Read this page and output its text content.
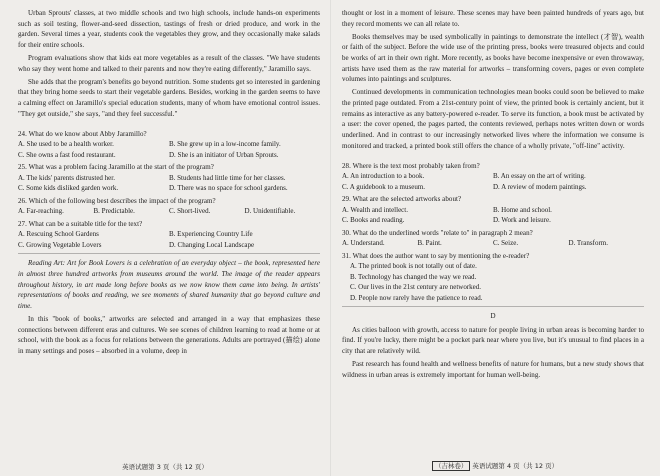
Urban Sprouts' classes, at two middle schools and two high schools, include hands-on experiments such as soil testing, flower-and-seed dissection, tastings of fresh or dried produce, and work in the garden. Several times a year, students cook the vegetables they grow, and they occasionally make salads for their entire schools.

Program evaluations show that kids eat more vegetables as a result of the classes. "We have students who say they went home and talked to their parents and now they're eating differently," Jaramillo says.

She adds that the program's benefits go beyond nutrition. Some students get so interested in gardening that they bring home seeds to start their vegetable gardens. Besides, working in the garden seems to have a calming effect on Jaramillo's special education students, many of whom have emotional control issues. "They get outside," she says, "and they feel successful."

24. What do we know about Abby Jaramillo?

A. She used to be a health worker.	B. She grew up in a low-income family.
C. She owns a fast food restaurant.	D. She is an initiator of Urban Sprouts.

25. What was a problem facing Jaramillo at the start of the program?

A. The kids' parents distrusted her.	B. Students had little time for her classes.
C. Some kids disliked garden work.	D. There was no space for school gardens.

26. Which of the following best describes the impact of the program?

A. Far-reaching.	B. Predictable.	C. Short-lived.	D. Unidentifiable.

27. What can be a suitable title for the text?

A. Rescuing School Gardens	B. Experiencing Country Life
C. Growing Vegetable Lovers	D. Changing Local Landscape

Reading Art: Art for Book Lovers is a celebration of an everyday object – the book, represented here in almost three hundred artworks from museums around the world. The image of the reader appears throughout history, in art made long before books as we now know them came into being. In artists' representations of books and reading, we see moments of shared humanity that go beyond culture and time.

In this "book of books," artworks are selected and arranged in a way that emphasizes these connections between different eras and cultures. We see scenes of children learning to read at home or at school, with the book as a focus for relations between the generations. Adults are portrayed (描绘) alone in many settings and poses – absorbed in a volume, deep in

英语试题第 3 页（共 12 页）

thought or lost in a moment of leisure. These scenes may have been painted hundreds of years ago, but they record moments we can all relate to.

Books themselves may be used symbolically in paintings to demonstrate the intellect (才智), wealth or faith of the subject. Before the wide use of the printing press, books were treasured objects and could be works of art in their own right. More recently, as books have become inexpensive or even throwaway, artists have used them as the raw material for artworks – transforming covers, pages or even complete volumes into paintings and sculptures.

Continued developments in communication technologies mean books could soon be believed to make the printed page outdated. From a 21st-century point of view, the printed book is certainly ancient, but it remains as interactive as any battery-powered e-reader. To serve its function, a book must be activated by a user: the cover opened, the pages parted, the contents reviewed, perhaps notes written down or words underlined. And in contrast to our increasingly networked lives where the information we consume is monitored and tracked, a printed book still offers the chance of a wholly private, "off-line" activity.

28. Where is the text most probably taken from?

A. An introduction to a book.	B. An essay on the art of writing.
C. A guidebook to a museum.	D. A review of modern paintings.

29. What are the selected artworks about?

A. Wealth and intellect.	B. Home and school.
C. Books and reading.	D. Work and leisure.

30. What do the underlined words "relate to" in paragraph 2 mean?

A. Understand.	B. Paint.	C. Seize.	D. Transform.

31. What does the author want to say by mentioning the e-reader?

A. The printed book is not totally out of date.
B. Technology has changed the way we read.
C. Our lives in the 21st century are networked.
D. People now rarely have the patience to read.

D

As cities balloon with growth, access to nature for people living in urban areas is becoming harder to find. If you're lucky, there might be a pocket park near where you live, but it's unusual to find places in a city that are relatively wild.

Past research has found health and wellness benefits of nature for humans, but a new study shows that wildness in urban areas is extremely important for human well-being.

（吉林卷） 英语试题第 4 页（共 12 页）
